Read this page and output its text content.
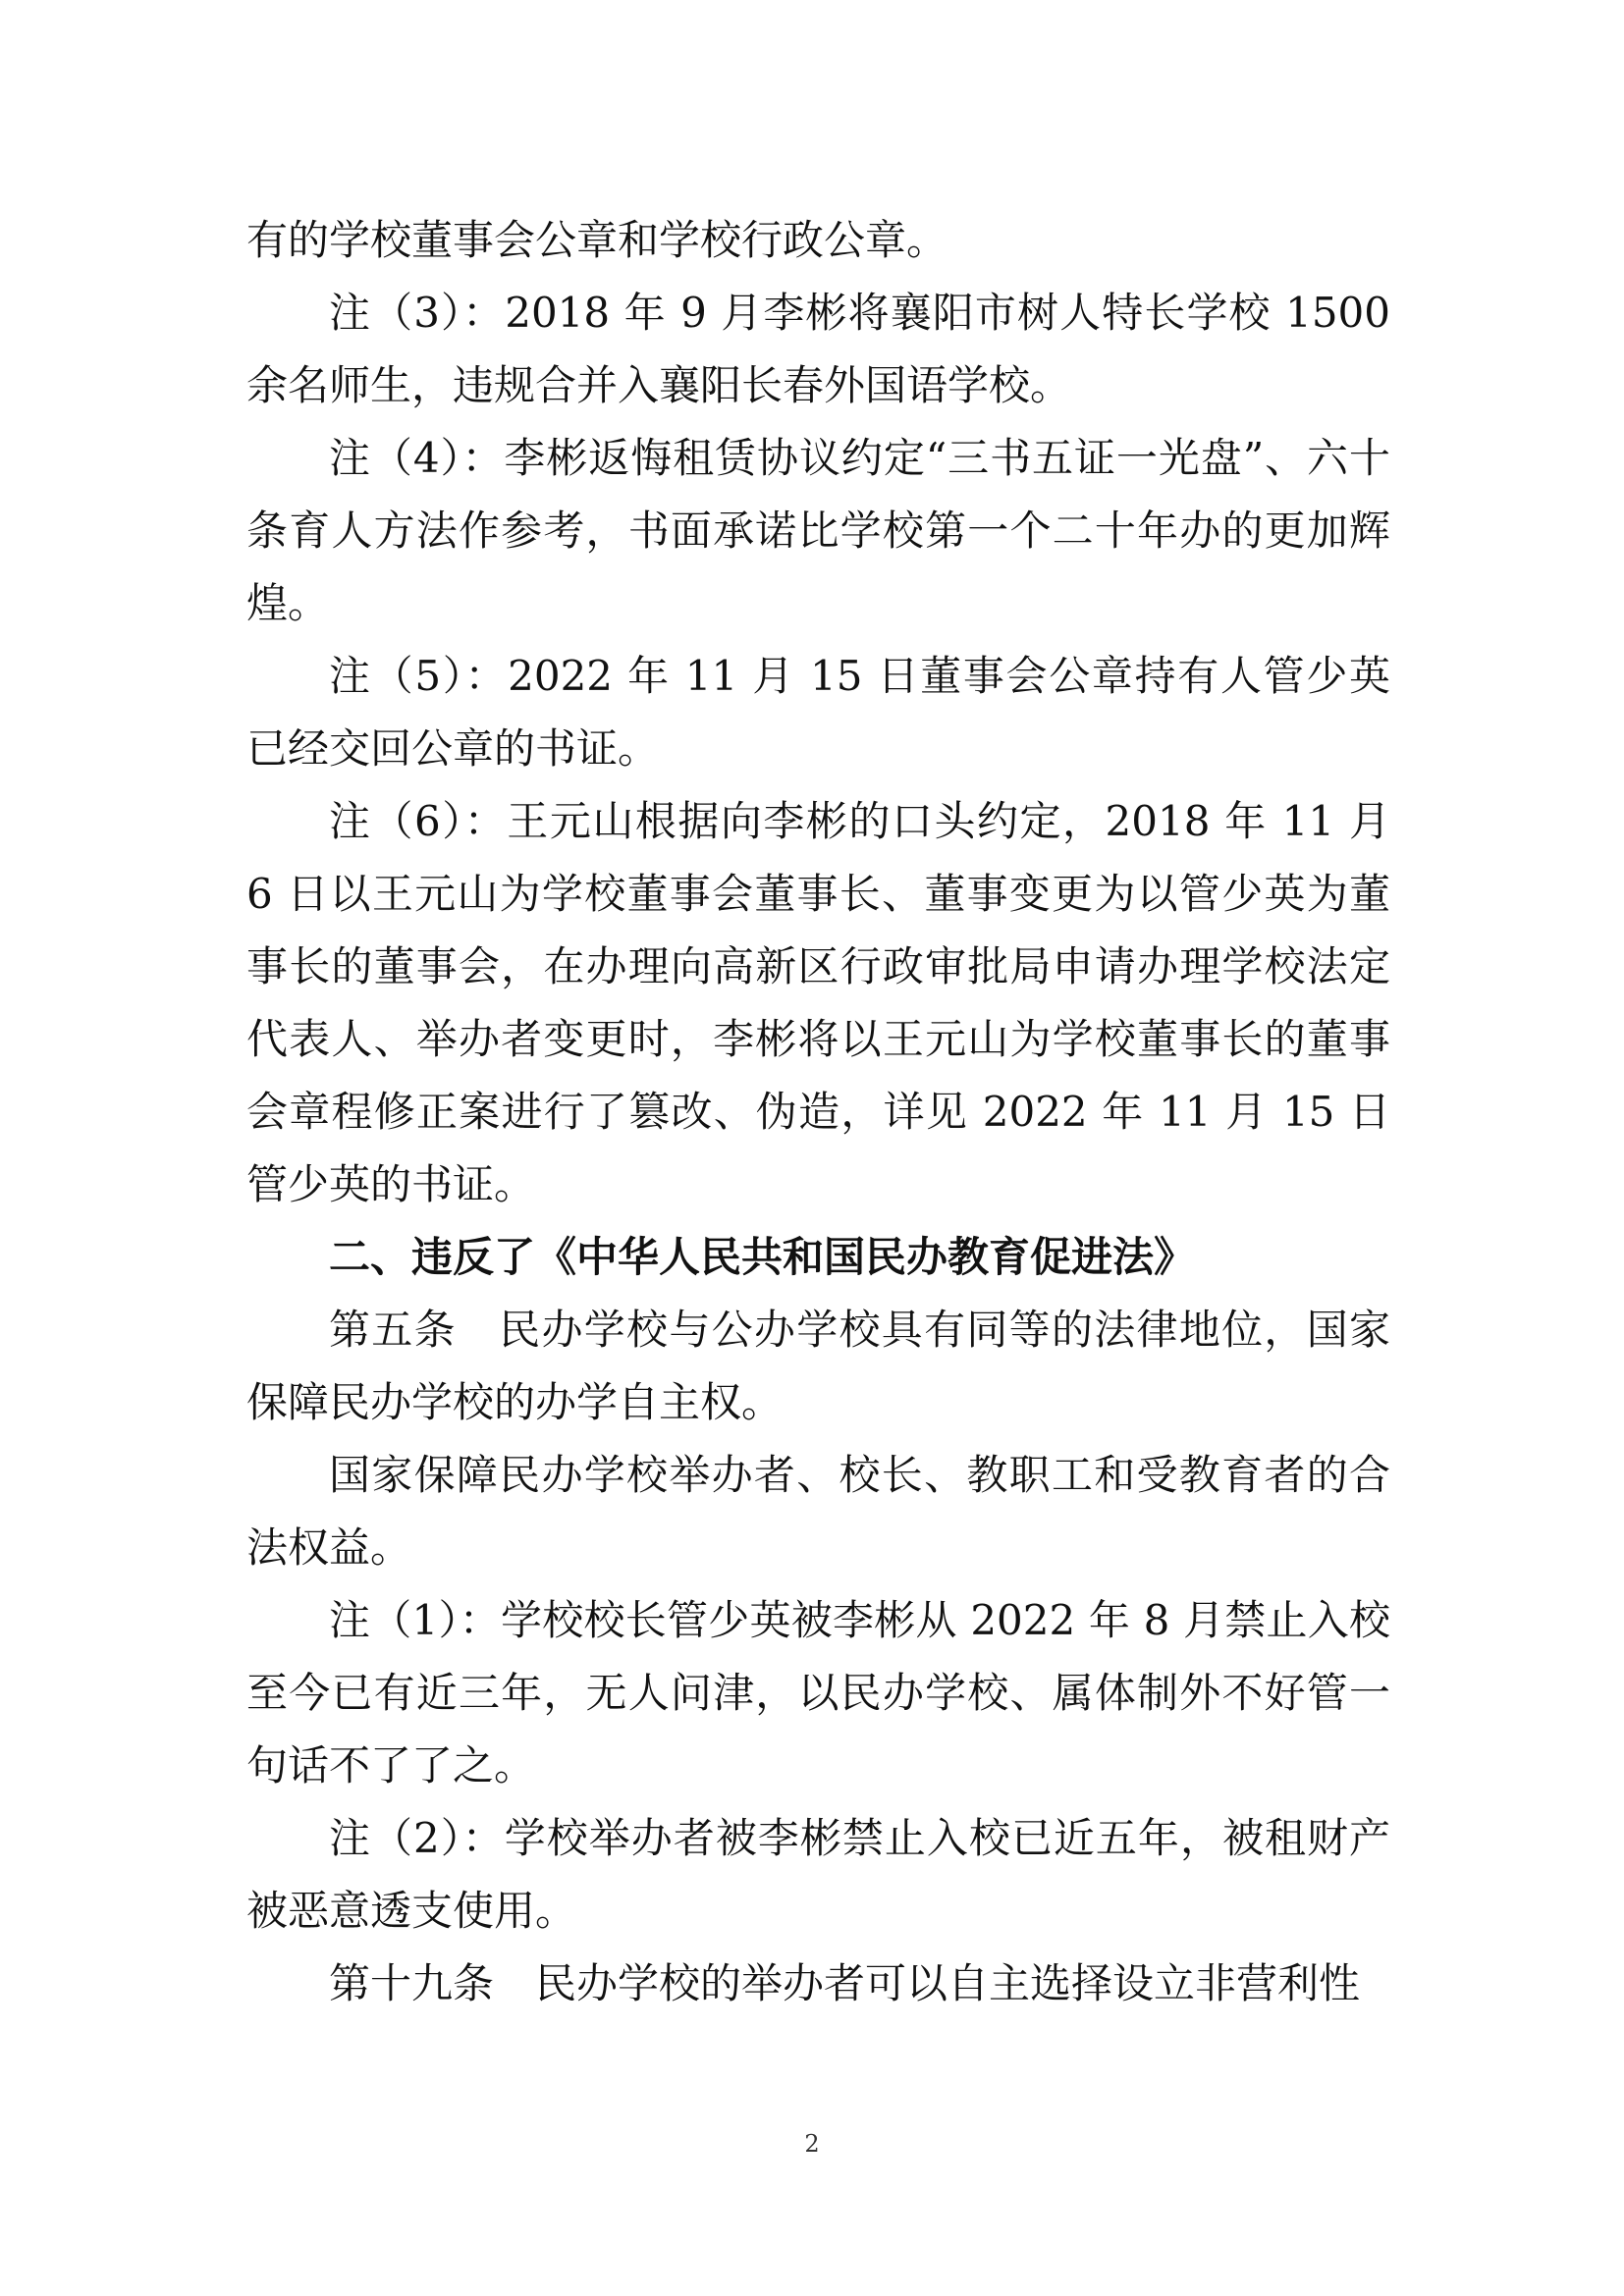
有的学校董事会公章和学校行政公章。

注（3）：2018 年 9 月李彬将襄阳市树人特长学校 1500 余名师生，违规合并入襄阳长春外国语学校。

注（4）：李彬返悔租赁协议约定“三书五证一光盘”、六十条育人方法作参考，书面承诺比学校第一个二十年办的更加辉煌。

注（5）：2022 年 11 月 15 日董事会公章持有人管少英已经交回公章的书证。

注（6）：王元山根据向李彬的口头约定，2018 年 11 月 6 日以王元山为学校董事会董事长、董事变更为以管少英为董事长的董事会，在办理向高新区行政审批局申请办理学校法定代表人、举办者变更时，李彬将以王元山为学校董事长的董事会章程修正案进行了篡改、伪造，详见 2022 年 11 月 15 日管少英的书证。

二、违反了《中华人民共和国民办教育促进法》

第五条　民办学校与公办学校具有同等的法律地位，国家保障民办学校的办学自主权。

国家保障民办学校举办者、校长、教职工和受教育者的合法权益。

注（1）：学校校长管少英被李彬从 2022 年 8 月禁止入校至今已有近三年，无人问津，以民办学校、属体制外不好管一句话不了了之。

注（2）：学校举办者被李彬禁止入校已近五年，被租财产被恶意透支使用。

第十九条　民办学校的举办者可以自主选择设立非营利性

2
